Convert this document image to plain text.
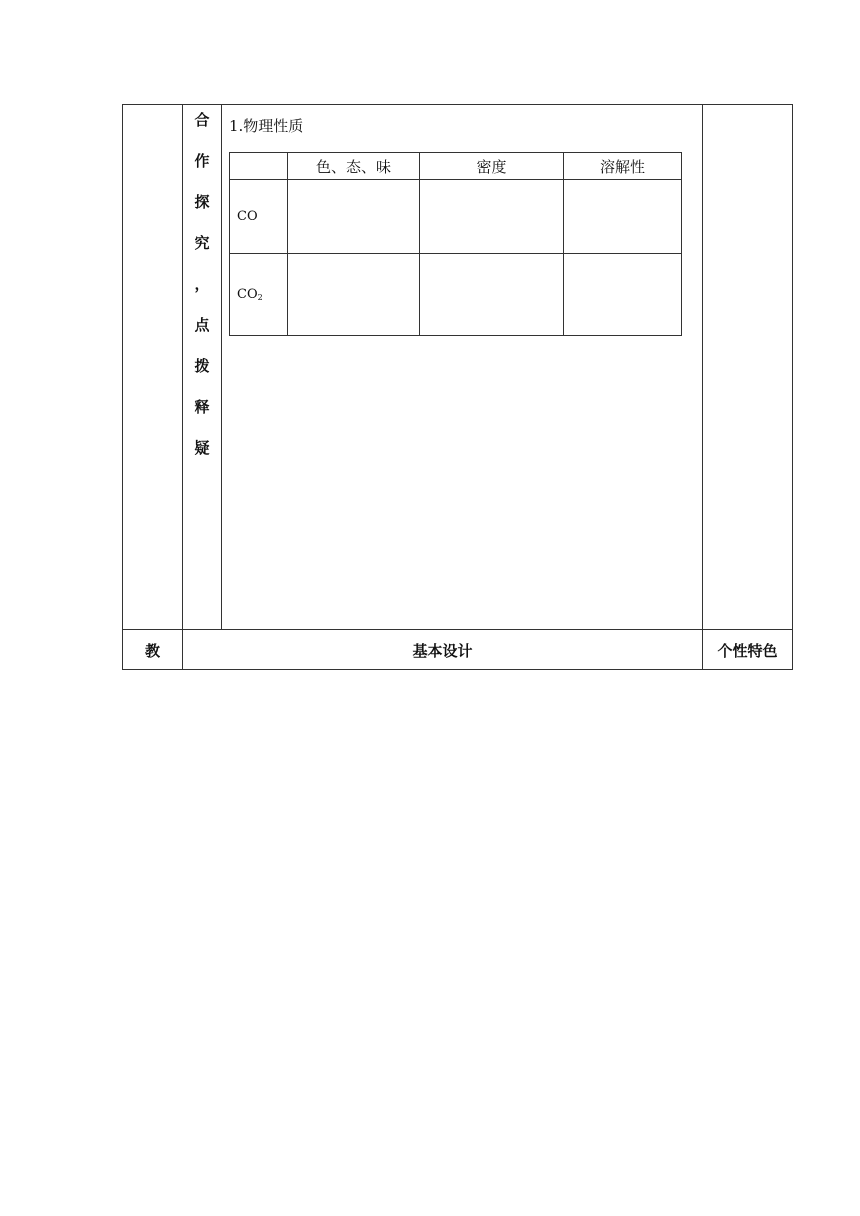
合
作
探
究
，
点
拨
释
疑
1.物理性质
	色、态、味	密度	溶解性
CO			
$CO_2$			
教	基本设计	个性特色
